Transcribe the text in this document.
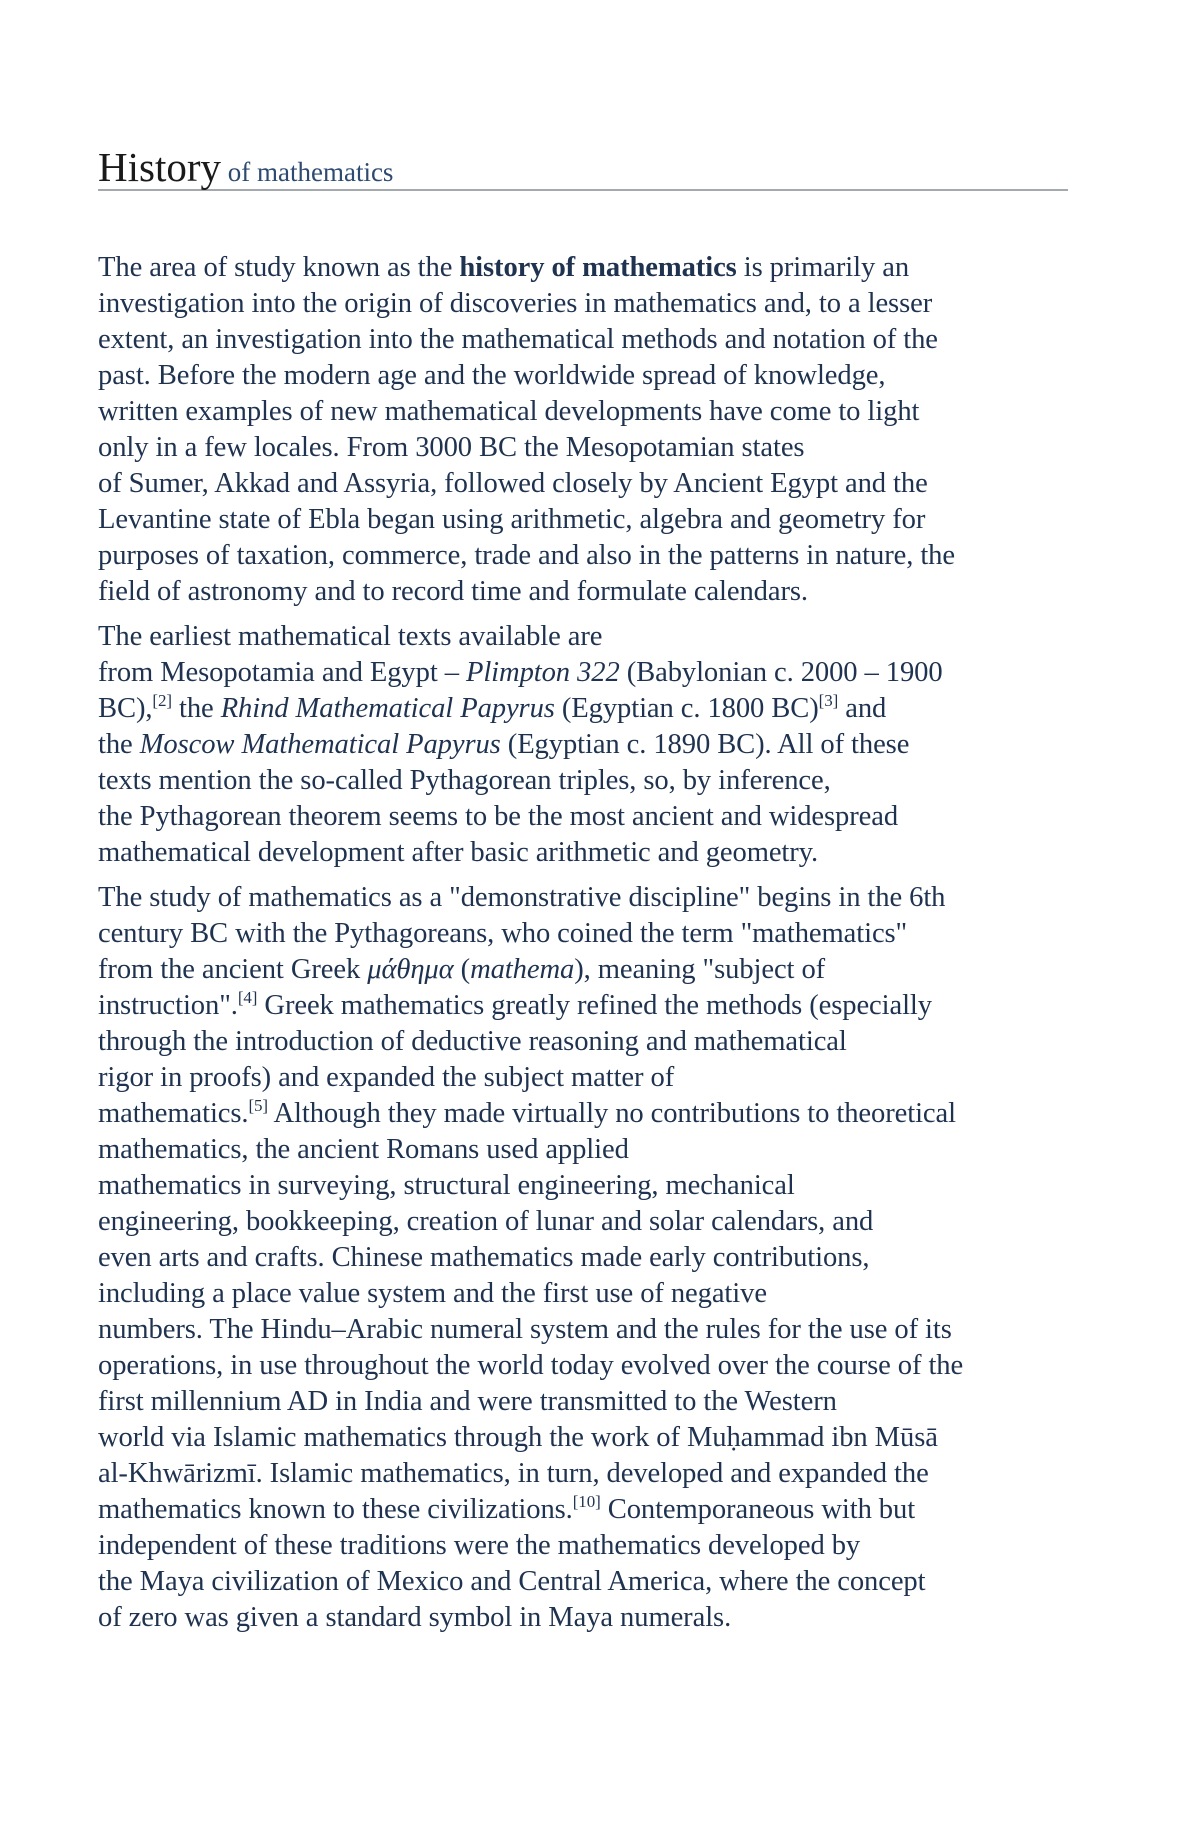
History of mathematics
The area of study known as the history of mathematics is primarily an
investigation into the origin of discoveries in mathematics and, to a lesser
extent, an investigation into the mathematical methods and notation of the
past. Before the modern age and the worldwide spread of knowledge,
written examples of new mathematical developments have come to light
only in a few locales. From 3000 BC the Mesopotamian states
of Sumer, Akkad and Assyria, followed closely by Ancient Egypt and the
Levantine state of Ebla began using arithmetic, algebra and geometry for
purposes of taxation, commerce, trade and also in the patterns in nature, the
field of astronomy and to record time and formulate calendars.
The earliest mathematical texts available are
from Mesopotamia and Egypt – Plimpton 322 (Babylonian c. 2000 – 1900
BC),[2] the Rhind Mathematical Papyrus (Egyptian c. 1800 BC)[3] and
the Moscow Mathematical Papyrus (Egyptian c. 1890 BC). All of these
texts mention the so-called Pythagorean triples, so, by inference,
the Pythagorean theorem seems to be the most ancient and widespread
mathematical development after basic arithmetic and geometry.
The study of mathematics as a "demonstrative discipline" begins in the 6th
century BC with the Pythagoreans, who coined the term "mathematics"
from the ancient Greek μάθημα (mathema), meaning "subject of
instruction".[4] Greek mathematics greatly refined the methods (especially
through the introduction of deductive reasoning and mathematical
rigor in proofs) and expanded the subject matter of
mathematics.[5] Although they made virtually no contributions to theoretical
mathematics, the ancient Romans used applied
mathematics in surveying, structural engineering, mechanical
engineering, bookkeeping, creation of lunar and solar calendars, and
even arts and crafts. Chinese mathematics made early contributions,
including a place value system and the first use of negative
numbers. The Hindu–Arabic numeral system and the rules for the use of its
operations, in use throughout the world today evolved over the course of the
first millennium AD in India and were transmitted to the Western
world via Islamic mathematics through the work of Muḥammad ibn Mūsā
al-Khwārizmī. Islamic mathematics, in turn, developed and expanded the
mathematics known to these civilizations.[10] Contemporaneous with but
independent of these traditions were the mathematics developed by
the Maya civilization of Mexico and Central America, where the concept
of zero was given a standard symbol in Maya numerals.
